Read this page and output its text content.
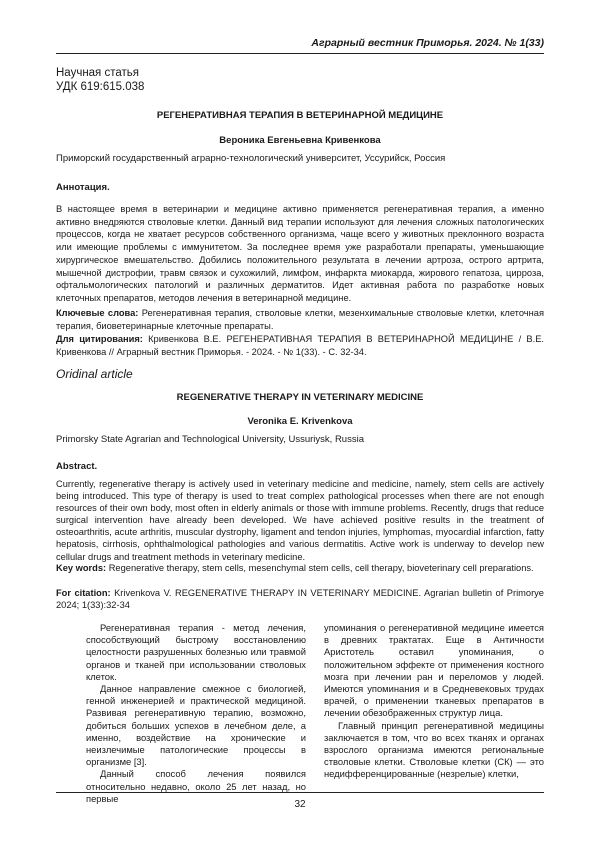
Аграрный вестник Приморья. 2024. № 1(33)
Научная статья
УДК 619:615.038
РЕГЕНЕРАТИВНАЯ ТЕРАПИЯ В ВЕТЕРИНАРНОЙ МЕДИЦИНЕ
Вероника Евгеньевна Кривенкова
Приморский государственный аграрно-технологический университет, Уссурийск, Россия
Аннотация.
В настоящее время в ветеринарии и медицине активно применяется регенеративная терапия, а именно активно внедряются стволовые клетки. Данный вид терапии используют для лечения сложных патологических процессов, когда не хватает ресурсов собственного организма, чаще всего у животных преклонного возраста или имеющие проблемы с иммунитетом. За последнее время уже разработали препараты, уменьшающие хирургическое вмешательство. Добились положительного результата в лечении артроза, острого артрита, мышечной дистрофии, травм связок и сухожилий, лимфом, инфаркта миокарда, жирового гепатоза, цирроза, офтальмологических патологий и различных дерматитов. Идет активная работа по разработке новых клеточных препаратов, методов лечения в ветеринарной медицине.
Ключевые слова: Регенеративная терапия, стволовые клетки, мезенхимальные стволовые клетки, клеточная терапия, биоветеринарные клеточные препараты.
Для цитирования: Кривенкова В.Е. РЕГЕНЕРАТИВНАЯ ТЕРАПИЯ В ВЕТЕРИНАРНОЙ МЕДИЦИНЕ / В.Е. Кривенкова // Аграрный вестник Приморья. - 2024. - № 1(33). - С. 32-34.
Oridinal article
REGENERATIVE THERAPY IN VETERINARY MEDICINE
Veronika E. Krivenkova
Primorsky State Agrarian and Technological University, Ussuriysk, Russia
Abstract.
Currently, regenerative therapy is actively used in veterinary medicine and medicine, namely, stem cells are actively being introduced. This type of therapy is used to treat complex pathological processes when there are not enough resources of their own body, most often in elderly animals or those with immune problems. Recently, drugs that reduce surgical intervention have already been developed. We have achieved positive results in the treatment of osteoarthritis, acute arthritis, muscular dystrophy, ligament and tendon injuries, lymphomas, myocardial infarction, fatty hepatosis, cirrhosis, ophthalmological pathologies and various dermatitis. Active work is underway to develop new cellular drugs and treatment methods in veterinary medicine.
Key words: Regenerative therapy, stem cells, mesenchymal stem cells, cell therapy, bioveterinary cell preparations.
For citation: Krivenkova V. REGENERATIVE THERAPY IN VETERINARY MEDICINE. Agrarian bulletin of Primorye 2024; 1(33):32-34

Регенеративная терапия - метод лечения, способствующий быстрому восстановлению целостности разрушенных болезнью или травмой органов и тканей при использовании стволовых клеток.

Данное направление смежное с биологией, генной инженерией и практической медициной. Развивая регенеративную терапию, возможно, добиться больших успехов в лечебном деле, а именно, воздействие на хронические и неизлечимые патологические процессы в организме [3].

Данный способ лечения появился относительно недавно, около 25 лет назад, но первые

упоминания о регенеративной медицине имеется в древних трактатах. Еще в Античности Аристотель оставил упоминания, о положительном эффекте от применения костного мозга при лечении ран и переломов у людей. Имеются упоминания и в Средневековых трудах врачей, о применении тканевых препаратов в лечении обезображенных структур лица.

Главный принцип регенеративной медицины заключается в том, что во всех тканях и органах взрослого организма имеются региональные стволовые клетки. Стволовые клетки (СК) — это недифференцированные (незрелые) клетки,

32
